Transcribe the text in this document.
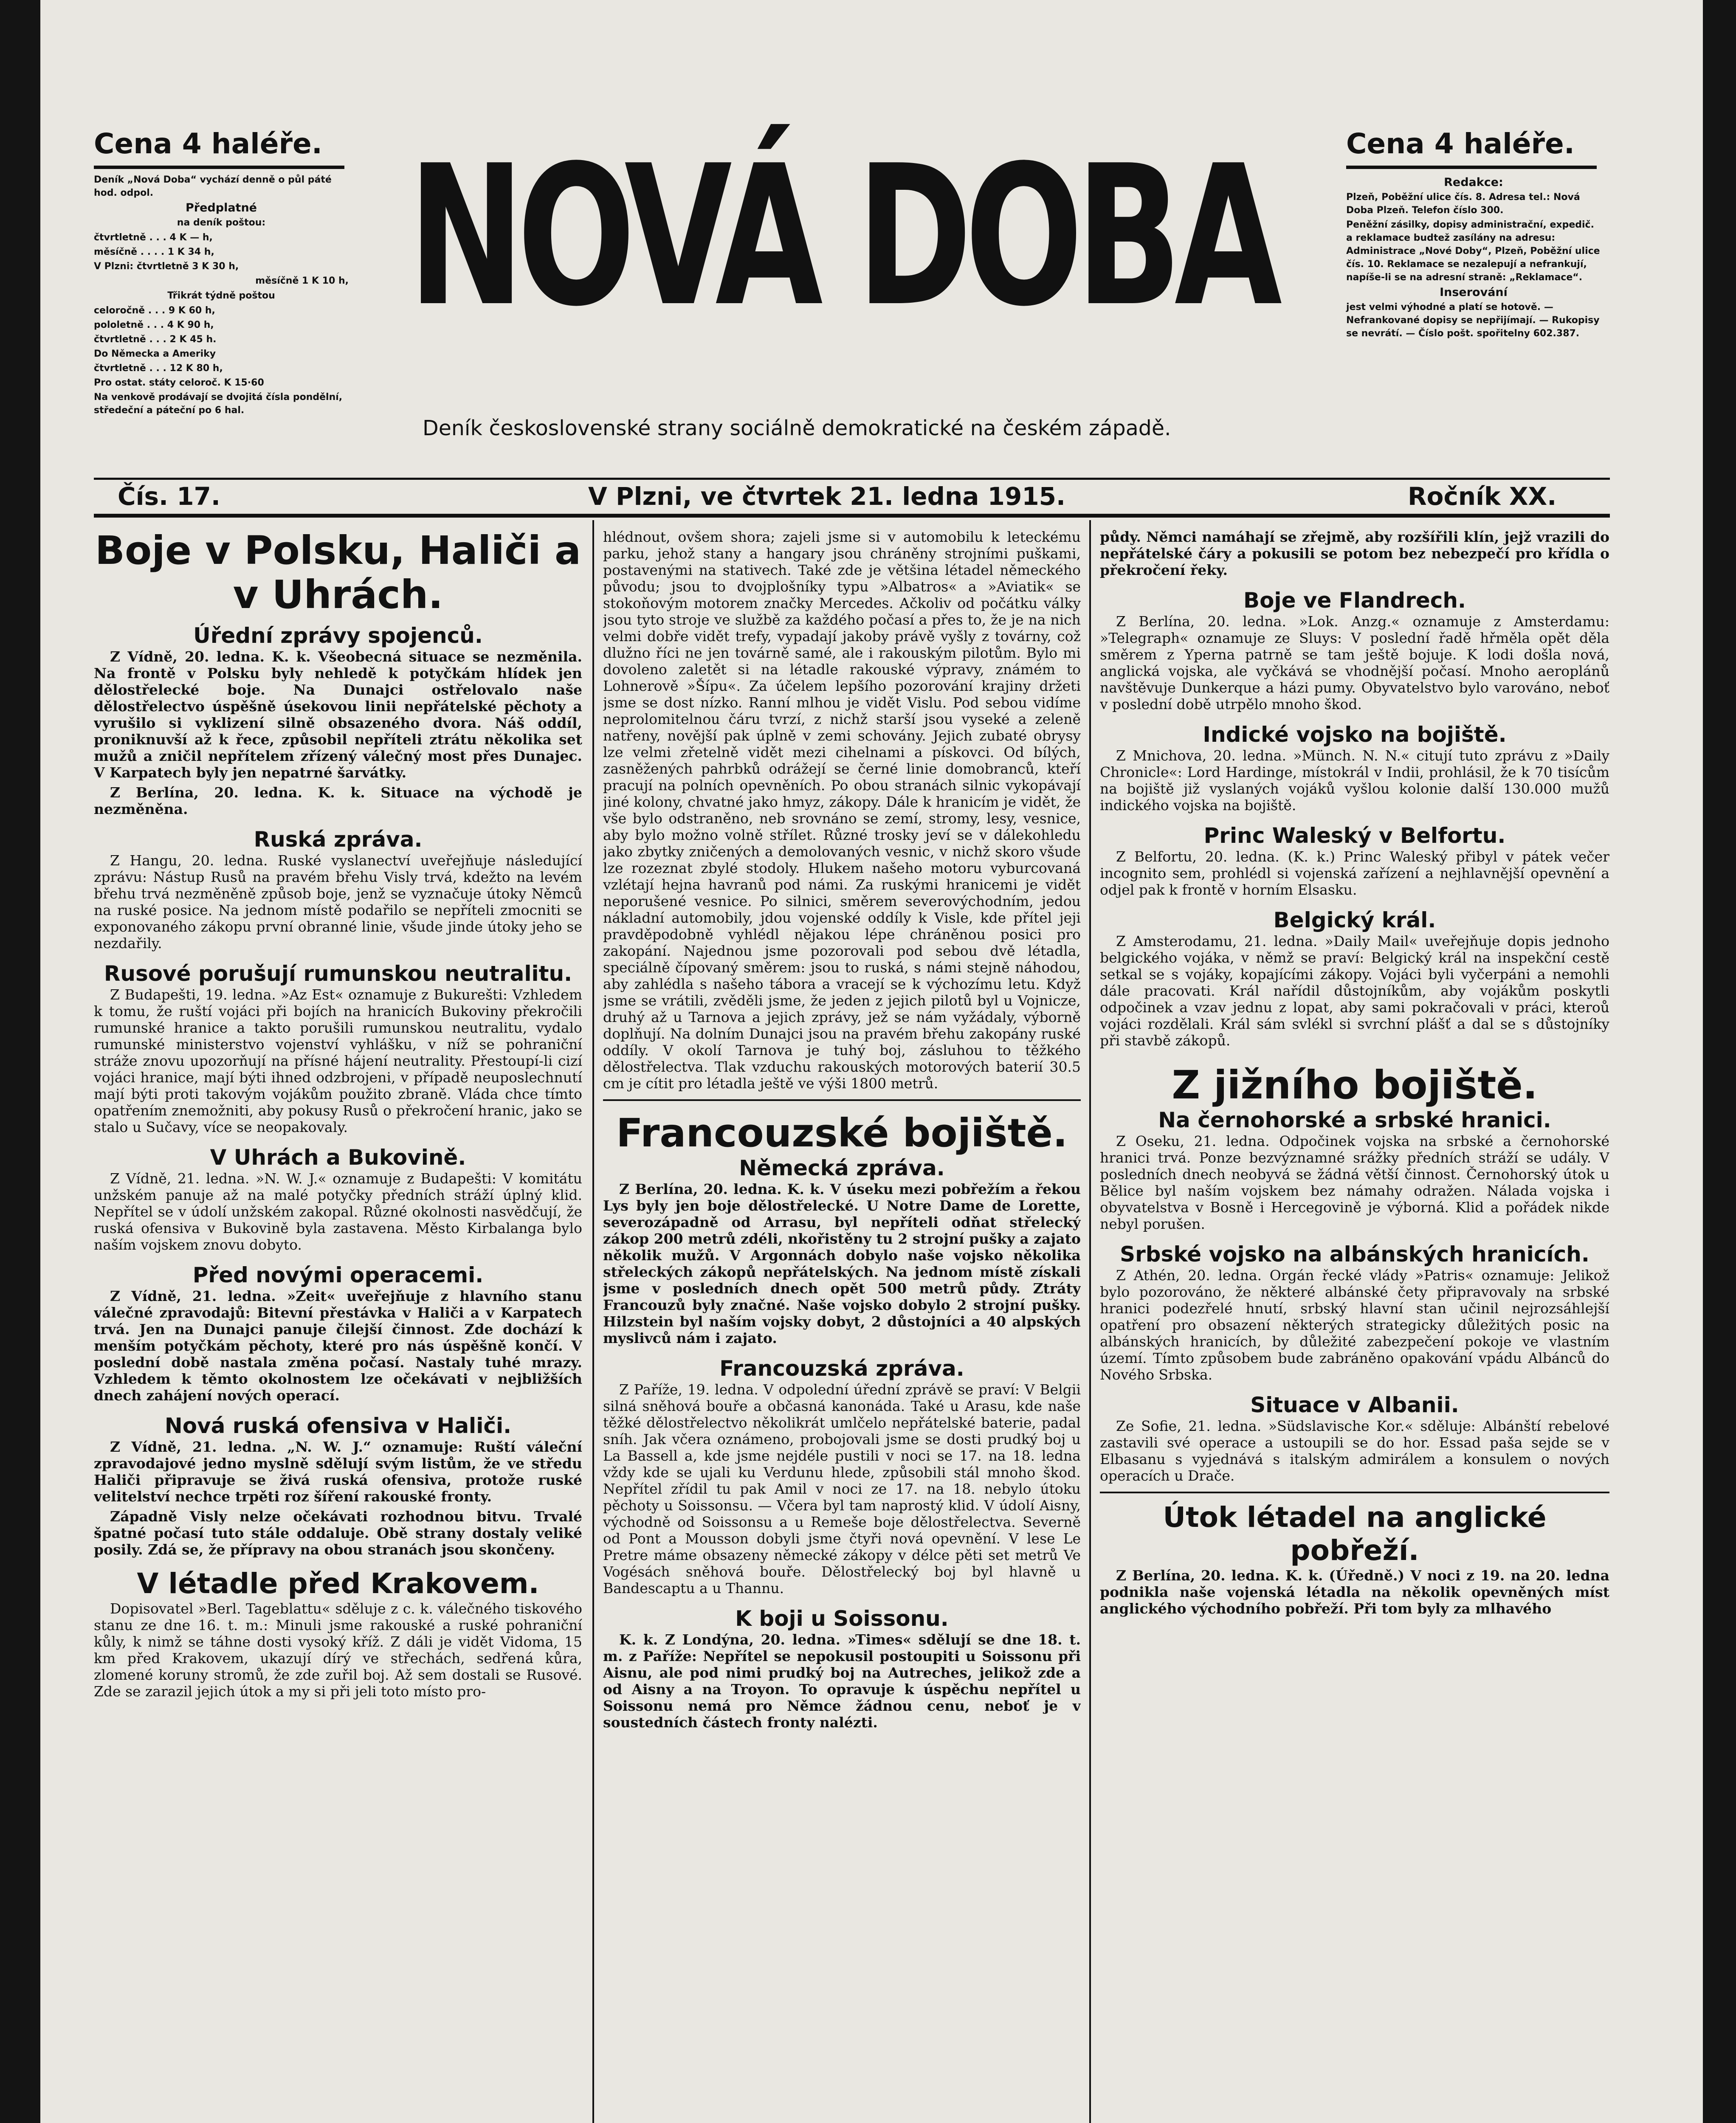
Cena 4 haléře.

Deník „Nová Doba“ vychází denně o půl páté hod. odpol.

Předplatné

na deník poštou:

čtvrtletně . . . 4 K — h,

měsíčně . . . . 1 K 34 h,

V Plzni: čtvrtletně 3 K 30 h,

měsíčně 1 K 10 h,

Třikrát týdně poštou

celoročně . . . 9 K 60 h,

pololetně . . . 4 K 90 h,

čtvrtletně . . . 2 K 45 h.

Do Německa a Ameriky

čtvrtletně . . . 12 K 80 h,

Pro ostat. státy celoroč. K 15·60

Na venkově prodávají se dvojitá čísla pondělní, středeční a páteční po 6 hal.

NOVÁ DOBA
Deník československé strany sociálně demokratické na českém západě.
Cena 4 haléře.

Redakce:

Plzeň, Poběžní ulice čís. 8. Adresa tel.: Nová Doba Plzeň. Telefon číslo 300.

Peněžní zásilky, dopisy administrační, expedič. a reklamace budtež zasílány na adresu: Administrace „Nové Doby“, Plzeň, Poběžní ulice čís. 10. Reklamace se nezalepují a nefrankují, napíše-li se na adresní straně: „Reklamace“.

Inserování

jest velmi výhodné a platí se hotově. — Nefrankované dopisy se nepřijímají. — Rukopisy se nevrátí. — Číslo pošt. spořitelny 602.387.

Čís. 17.	V Plzni, ve čtvrtek 21. ledna 1915.	Ročník XX.
Boje v Polsku, Haliči a v Uhrách.
Úřední zprávy spojenců.

Z Vídně, 20. ledna. K. k. Všeobecná situace se nezměnila. Na frontě v Polsku byly nehledě k potyčkám hlídek jen dělostřelecké boje. Na Dunajci ostřelovalo naše dělostřelectvo úspěšně úsekovou linii nepřátelské pěchoty a vyrušilo si vyklizení silně obsazeného dvora. Náš oddíl, proniknuvší až k řece, způsobil nepříteli ztrátu několika set mužů a zničil nepřítelem zřízený válečný most přes Dunajec. V Karpatech byly jen nepatrné šarvátky.

Z Berlína, 20. ledna. K. k. Situace na východě je nezměněna.

Ruská zpráva.

Z Hangu, 20. ledna. Ruské vyslanectví uveřejňuje následující zprávu: Nástup Rusů na pravém břehu Visly trvá, kdežto na levém břehu trvá nezměněně způsob boje, jenž se vyznačuje útoky Němců na ruské posice. Na jednom místě podařilo se nepříteli zmocniti se exponovaného zákopu první obranné linie, všude jinde útoky jeho se nezdařily.

Rusové porušují rumunskou neutralitu.

Z Budapešti, 19. ledna. »Az Est« oznamuje z Bukurešti: Vzhledem k tomu, že ruští vojáci při bojích na hranicích Bukoviny překročili rumunské hranice a takto porušili rumunskou neutralitu, vydalo rumunské ministerstvo vojenství vyhlášku, v níž se pohraniční stráže znovu upozorňují na přísné hájení neutrality. Přestoupí-li cizí vojáci hranice, mají býti ihned odzbrojeni, v případě neuposlechnutí mají býti proti takovým vojákům použito zbraně. Vláda chce tímto opatřením znemožniti, aby pokusy Rusů o překročení hranic, jako se stalo u Sučavy, více se neopakovaly.

V Uhrách a Bukovině.

Z Vídně, 21. ledna. »N. W. J.« oznamuje z Budapešti: V komitátu unžském panuje až na malé potyčky předních stráží úplný klid. Nepřítel se v údolí unžském zakopal. Různé okolnosti nasvědčují, že ruská ofensiva v Bukovině byla zastavena. Město Kirbalanga bylo naším vojskem znovu dobyto.

Před novými operacemi.

Z Vídně, 21. ledna. »Zeit« uveřejňuje z hlavního stanu válečné zpravodajů: Bitevní přestávka v Haliči a v Karpatech trvá. Jen na Dunajci panuje čilejší činnost. Zde dochází k menším potyčkám pěchoty, které pro nás úspěšně končí. V poslední době nastala změna počasí. Nastaly tuhé mrazy. Vzhledem k těmto okolnostem lze očekávati v nejbližších dnech zahájení nových operací.

Nová ruská ofensiva v Haliči.

Z Vídně, 21. ledna. „N. W. J.“ oznamuje: Ruští váleční zpravodajové jedno myslně sdělují svým listům, že ve středu Haliči připravuje se živá ruská ofensiva, protože ruské velitelství nechce trpěti roz šíření rakouské fronty.

Západně Visly nelze očekávati rozhodnou bitvu. Trvalé špatné počasí tuto stále oddaluje. Obě strany dostaly veliké posily. Zdá se, že přípravy na obou stranách jsou skončeny.

V létadle před Krakovem.

Dopisovatel »Berl. Tageblattu« sděluje z c. k. válečného tiskového stanu ze dne 16. t. m.: Minuli jsme rakouské a ruské pohraniční kůly, k nimž se táhne dosti vysoký kříž. Z dáli je vidět Vidoma, 15 km před Krakovem, ukazují dírý ve střechách, sedřená kůra, zlomené koruny stromů, že zde zuřil boj. Až sem dostali se Rusové. Zde se zarazil jejich útok a my si při jeli toto místo pro-

hlédnout, ovšem shora; zajeli jsme si v automobilu k leteckému parku, jehož stany a hangary jsou chráněny strojními puškami, postavenými na stativech. Také zde je většina létadel německého původu; jsou to dvojplošníky typu »Albatros« a »Aviatik« se stokoňovým motorem značky Mercedes. Ačkoliv od počátku války jsou tyto stroje ve službě za každého počasí a přes to, že je na nich velmi dobře vidět trefy, vypadají jakoby právě vyšly z továrny, což dlužno říci ne jen továrně samé, ale i rakouským pilotům. Bylo mi dovoleno zaletět si na létadle rakouské výpravy, známém to Lohnerově »Šípu«. Za účelem lepšího pozorování krajiny držeti jsme se dost nízko. Ranní mlhou je vidět Vislu. Pod sebou vidíme neprolomitelnou čáru tvrzí, z nichž starší jsou vyseké a zeleně natřeny, novější pak úplně v zemi schovány. Jejich zubaté obrysy lze velmi zřetelně vidět mezi cihelnami a pískovci. Od bílých, zasněžených pahrbků odrážejí se černé linie domobranců, kteří pracují na polních opevněních. Po obou stranách silnic vykopávají jiné kolony, chvatné jako hmyz, zákopy. Dále k hranicím je vidět, že vše bylo odstraněno, neb srovnáno se zemí, stromy, lesy, vesnice, aby bylo možno volně střílet. Různé trosky jeví se v dálekohledu jako zbytky zničených a demolovaných vesnic, v nichž skoro všude lze rozeznat zbylé stodoly. Hlukem našeho motoru vyburcovaná vzlétají hejna havranů pod námi. Za ruskými hranicemi je vidět neporušené vesnice. Po silnici, směrem severovýchodním, jedou nákladní automobily, jdou vojenské oddíly k Visle, kde přítel jeji pravděpodobně vyhlédl nějakou lépe chráněnou posici pro zakopání. Najednou jsme pozorovali pod sebou dvě létadla, speciálně čípovaný směrem: jsou to ruská, s námi stejně náhodou, aby zahlédla s našeho tábora a vracejí se k výchozímu letu. Když jsme se vrátili, zvěděli jsme, že jeden z jejich pilotů byl u Vojnicze, druhý až u Tarnova a jejich zprávy, jež se nám vyžádaly, výborně doplňují. Na dolním Dunajci jsou na pravém břehu zakopány ruské oddíly. V okolí Tarnova je tuhý boj, zásluhou to těžkého dělostřelectva. Tlak vzduchu rakouských motorových baterií 30.5 cm je cítit pro létadla ještě ve výši 1800 metrů.

Francouzské bojiště.
Německá zpráva.

Z Berlína, 20. ledna. K. k. V úseku mezi pobřežím a řekou Lys byly jen boje dělostřelecké. U Notre Dame de Lorette, severozápadně od Arrasu, byl nepříteli odňat střelecký zákop 200 metrů zdéli, nkořistěny tu 2 strojní pušky a zajato několik mužů. V Argonnách dobylo naše vojsko několika střeleckých zákopů nepřátelských. Na jednom místě získali jsme v posledních dnech opět 500 metrů půdy. Ztráty Francouzů byly značné. Naše vojsko dobylo 2 strojní pušky. Hilzstein byl naším vojsky dobyt, 2 důstojníci a 40 alpských myslivců nám i zajato.

Francouzská zpráva.

Z Paříže, 19. ledna. V odpolední úřední zprávě se praví: V Belgii silná sněhová bouře a občasná kanonáda. Také u Arasu, kde naše těžké dělostřelectvo několikrát umlčelo nepřátelské baterie, padal sníh. Jak včera oznámeno, probojovali jsme se dosti prudký boj u La Bassell a, kde jsme nejdéle pustili v noci se 17. na 18. ledna vždy kde se ujali ku Verdunu hlede, způsobili stál mnoho škod. Nepřítel zřídil tu pak Amil v noci ze 17. na 18. nebylo útoku pěchoty u Soissonsu. — Včera byl tam naprostý klid. V údolí Aisny, východně od Soissonsu a u Remeše boje dělostřelectva. Severně od Pont a Mousson dobyli jsme čtyři nová opevnění. V lese Le Pretre máme obsazeny německé zákopy v délce pěti set metrů Ve Vogésách sněhová bouře. Dělostřelecký boj byl hlavně u Bandescaptu a u Thannu.

K boji u Soissonu.

K. k. Z Londýna, 20. ledna. »Times« sdělují se dne 18. t. m. z Paříže: Nepřítel se nepokusil postoupiti u Soissonu při Aisnu, ale pod nimi prudký boj na Autreches, jelikož zde a od Aisny a na Troyon. To opravuje k úspěchu nepřítel u Soissonu nemá pro Němce žádnou cenu, neboť je v soustedních částech fronty nalézti.

půdy. Němci namáhají se zřejmě, aby rozšířili klín, jejž vrazili do nepřátelské čáry a pokusili se potom bez nebezpečí pro křídla o překročení řeky.

Boje ve Flandrech.

Z Berlína, 20. ledna. »Lok. Anzg.« oznamuje z Amsterdamu: »Telegraph« oznamuje ze Sluys: V poslední řadě hřměla opět děla směrem z Yperna patrně se tam ještě bojuje. K lodi došla nová, anglická vojska, ale vyčkává se vhodnější počasí. Mnoho aeroplánů navštěvuje Dunkerque a házi pumy. Obyvatelstvo bylo varováno, neboť v poslední době utrpělo mnoho škod.

Indické vojsko na bojiště.

Z Mnichova, 20. ledna. »Münch. N. N.« citují tuto zprávu z »Daily Chronicle«: Lord Hardinge, místokrál v Indii, prohlásil, že k 70 tisícům na bojiště již vyslaných vojáků vyšlou kolonie další 130.000 mužů indického vojska na bojiště.

Princ Waleský v Belfortu.

Z Belfortu, 20. ledna. (K. k.) Princ Waleský přibyl v pátek večer incognito sem, prohlédl si vojenská zařízení a nejhlavnější opevnění a odjel pak k frontě v horním Elsasku.

Belgický král.

Z Amsterodamu, 21. ledna. »Daily Mail« uveřejňuje dopis jednoho belgického vojáka, v němž se praví: Belgický král na inspekční cestě setkal se s vojáky, kopajícími zákopy. Vojáci byli vyčerpáni a nemohli dále pracovati. Král nařídil důstojníkům, aby vojákům poskytli odpočinek a vzav jednu z lopat, aby sami pokračovali v práci, kteroů vojáci rozdělali. Král sám svlékl si svrchní plášť a dal se s důstojníky při stavbě zákopů.

Z jižního bojiště.
Na černohorské a srbské hranici.

Z Oseku, 21. ledna. Odpočinek vojska na srbské a černohorské hranici trvá. Ponze bezvýznamné srážky předních stráží se udály. V posledních dnech neobyvá se žádná větší činnost. Černohorský útok u Bělice byl naším vojskem bez námahy odražen. Nálada vojska i obyvatelstva v Bosně i Hercegovině je výborná. Klid a pořádek nikde nebyl porušen.

Srbské vojsko na albánských hranicích.

Z Athén, 20. ledna. Orgán řecké vlády »Patris« oznamuje: Jelikož bylo pozorováno, že některé albánské čety připravovaly na srbské hranici podezřelé hnutí, srbský hlavní stan učinil nejrozsáhlejší opatření pro obsazení některých strategicky důležitých posic na albánských hranicích, by důležité zabezpečení pokoje ve vlastním území. Tímto způsobem bude zabráněno opakování vpádu Albánců do Nového Srbska.

Situace v Albanii.

Ze Sofie, 21. ledna. »Südslavische Kor.« sděluje: Albánští rebelové zastavili své operace a ustoupili se do hor. Essad paša sejde se v Elbasanu s vyjednává s italským admirálem a konsulem o nových operacích u Drače.

Útok létadel na anglické pobřeží.

Z Berlína, 20. ledna. K. k. (Úředně.) V noci z 19. na 20. ledna podnikla naše vojenská létadla na několik opevněných míst anglického východního pobřeží. Při tom byly za mlhavého
